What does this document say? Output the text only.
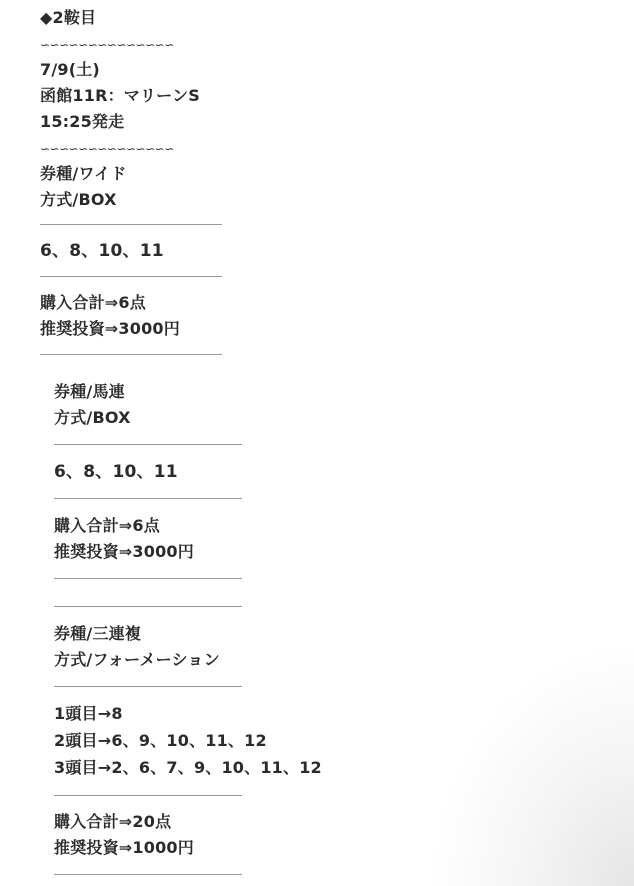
◆2鞍目
∽∽∽∽∽∽∽∽∽∽∽∽∽∽
7/9(土)
函館11R：マリーンS
15:25発走
∽∽∽∽∽∽∽∽∽∽∽∽∽∽
券種/ワイド
方式/BOX
6、8、10、11
購入合計⇒6点
推奨投資⇒3000円
券種/馬連
方式/BOX
6、8、10、11
購入合計⇒6点
推奨投資⇒3000円
券種/三連複
方式/フォーメーション
1頭目→8
2頭目→6、9、10、11、12
3頭目→2、6、7、9、10、11、12
購入合計⇒20点
推奨投資⇒1000円
